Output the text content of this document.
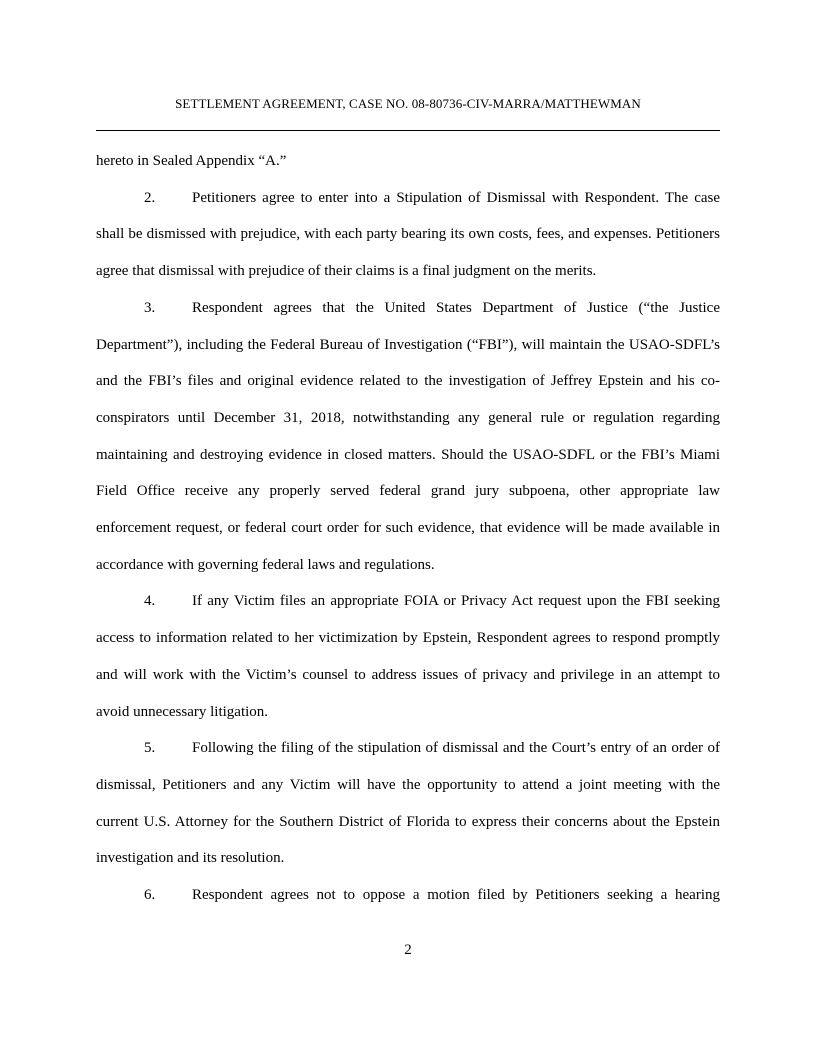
SETTLEMENT AGREEMENT, CASE NO. 08-80736-CIV-MARRA/MATTHEWMAN

hereto in Sealed Appendix “A.”

2. Petitioners agree to enter into a Stipulation of Dismissal with Respondent. The case shall be dismissed with prejudice, with each party bearing its own costs, fees, and expenses. Petitioners agree that dismissal with prejudice of their claims is a final judgment on the merits.

3. Respondent agrees that the United States Department of Justice (“the Justice Department”), including the Federal Bureau of Investigation (“FBI”), will maintain the USAO-SDFL’s and the FBI’s files and original evidence related to the investigation of Jeffrey Epstein and his co-conspirators until December 31, 2018, notwithstanding any general rule or regulation regarding maintaining and destroying evidence in closed matters. Should the USAO-SDFL or the FBI’s Miami Field Office receive any properly served federal grand jury subpoena, other appropriate law enforcement request, or federal court order for such evidence, that evidence will be made available in accordance with governing federal laws and regulations.

4. If any Victim files an appropriate FOIA or Privacy Act request upon the FBI seeking access to information related to her victimization by Epstein, Respondent agrees to respond promptly and will work with the Victim’s counsel to address issues of privacy and privilege in an attempt to avoid unnecessary litigation.

5. Following the filing of the stipulation of dismissal and the Court’s entry of an order of dismissal, Petitioners and any Victim will have the opportunity to attend a joint meeting with the current U.S. Attorney for the Southern District of Florida to express their concerns about the Epstein investigation and its resolution.

6. Respondent agrees not to oppose a motion filed by Petitioners seeking a hearing

2
